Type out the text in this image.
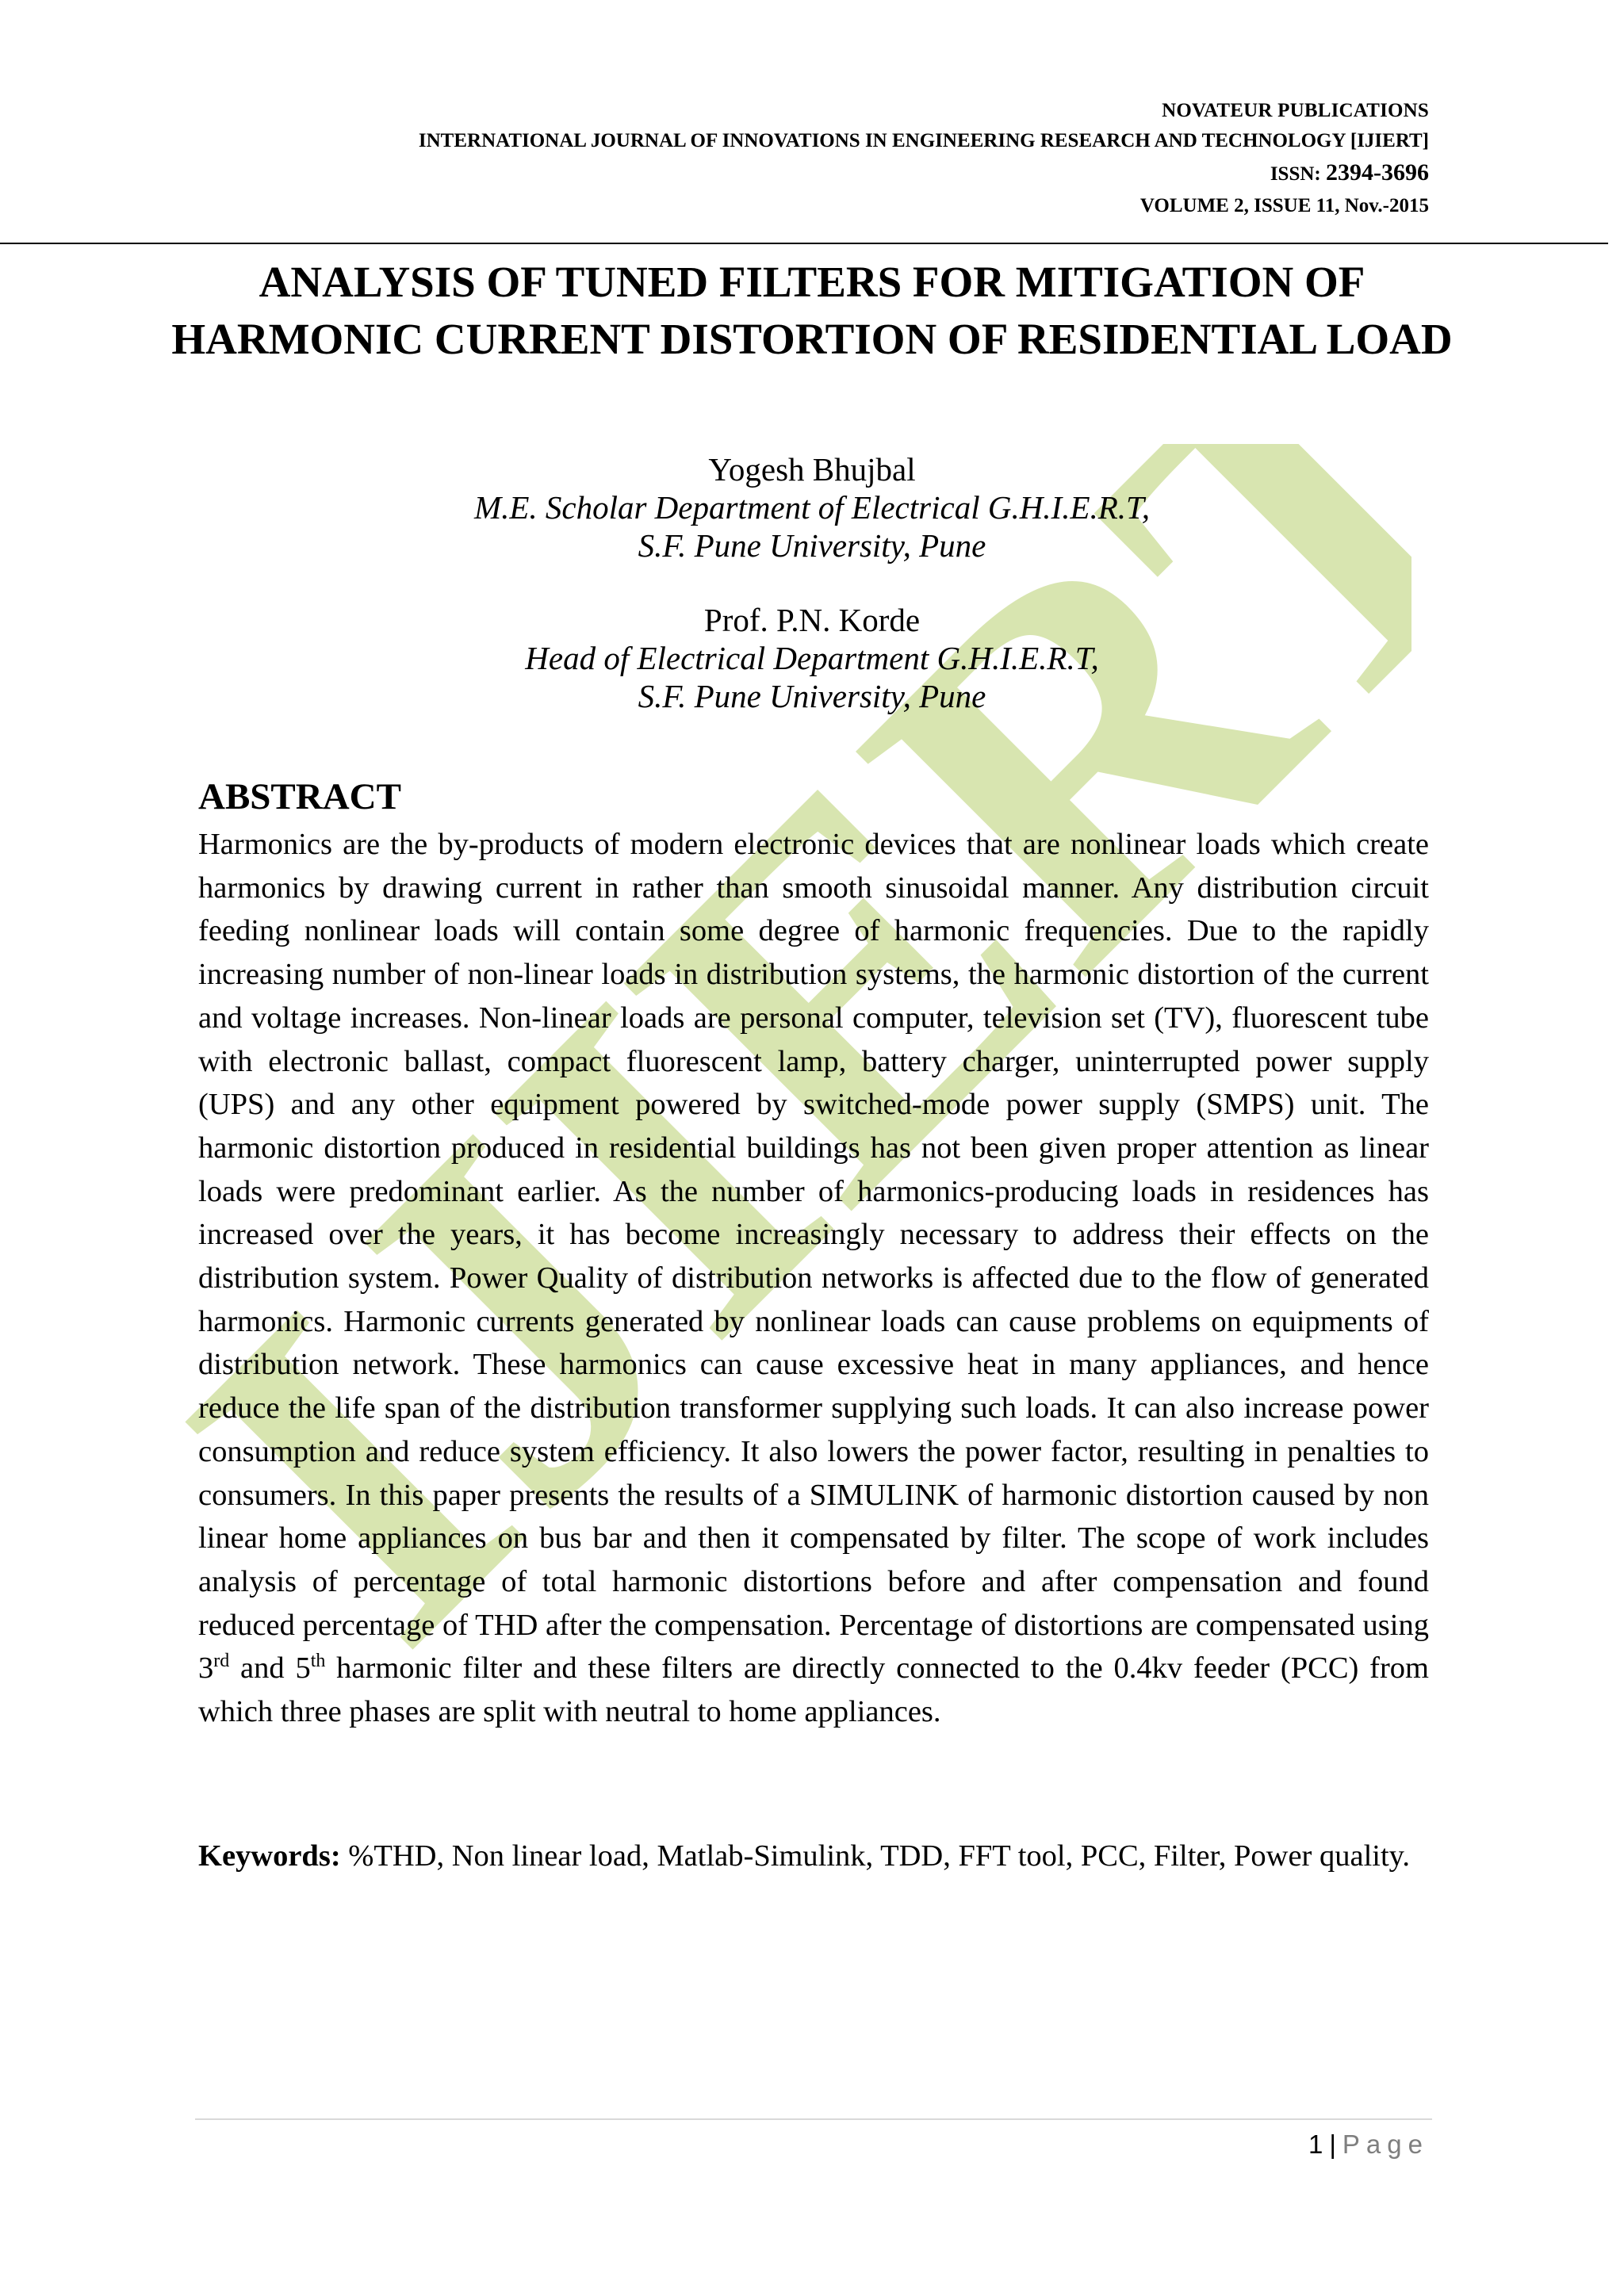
IJIERT
NOVATEUR PUBLICATIONS
INTERNATIONAL JOURNAL OF INNOVATIONS IN ENGINEERING RESEARCH AND TECHNOLOGY [IJIERT]
ISSN: 2394-3696
VOLUME 2, ISSUE 11, Nov.-2015
ANALYSIS OF TUNED FILTERS FOR MITIGATION OF HARMONIC CURRENT DISTORTION OF RESIDENTIAL LOAD
Yogesh Bhujbal
M.E. Scholar Department of Electrical G.H.I.E.R.T,
S.F. Pune University, Pune
Prof. P.N. Korde
Head of Electrical Department G.H.I.E.R.T,
S.F. Pune University, Pune
ABSTRACT
Harmonics are the by-products of modern electronic devices that are nonlinear loads which create harmonics by drawing current in rather than smooth sinusoidal manner. Any distribution circuit feeding nonlinear loads will contain some degree of harmonic frequencies. Due to the rapidly increasing number of non-linear loads in distribution systems, the harmonic distortion of the current and voltage increases. Non-linear loads are personal computer, television set (TV), fluorescent tube with electronic ballast, compact fluorescent lamp, battery charger, uninterrupted power supply (UPS) and any other equipment powered by switched-mode power supply (SMPS) unit. The harmonic distortion produced in residential buildings has not been given proper attention as linear loads were predominant earlier. As the number of harmonics-producing loads in residences has increased over the years, it has become increasingly necessary to address their effects on the distribution system. Power Quality of distribution networks is affected due to the flow of generated harmonics. Harmonic currents generated by nonlinear loads can cause problems on equipments of distribution network. These harmonics can cause excessive heat in many appliances, and hence reduce the life span of the distribution transformer supplying such loads. It can also increase power consumption and reduce system efficiency. It also lowers the power factor, resulting in penalties to consumers. In this paper presents the results of a SIMULINK of harmonic distortion caused by non linear home appliances on bus bar and then it compensated by filter. The scope of work includes analysis of percentage of total harmonic distortions before and after compensation and found reduced percentage of THD after the compensation. Percentage of distortions are compensated using 3rd and 5th harmonic filter and these filters are directly connected to the 0.4kv feeder (PCC) from which three phases are split with neutral to home appliances.
Keywords: %THD, Non linear load, Matlab-Simulink, TDD, FFT tool, PCC, Filter, Power quality.
1 | Page
